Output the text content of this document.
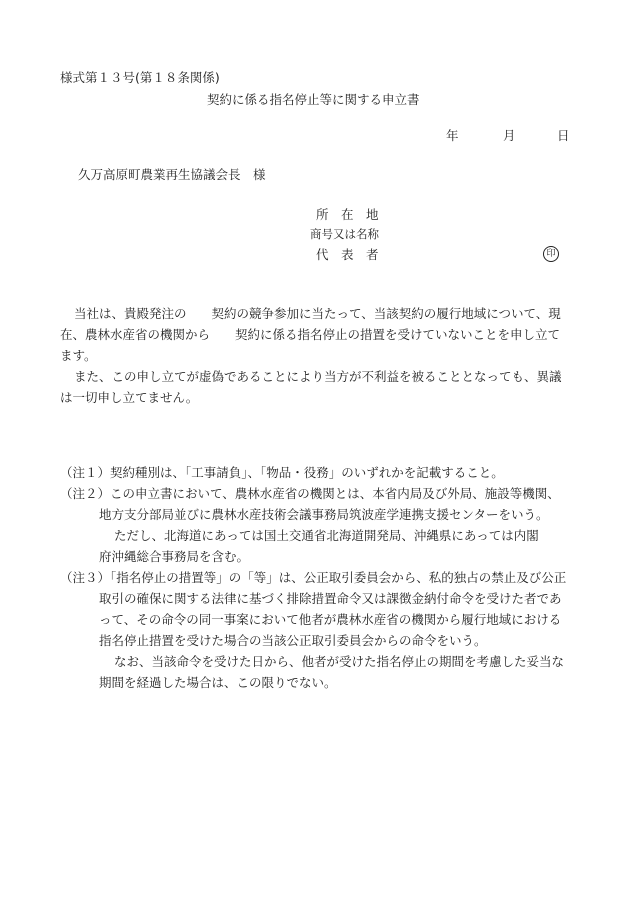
様式第１３号(第１８条関係)
契約に係る指名停止等に関する申立書
年	月	日
久万高原町農業再生協議会長　様
所　在　地
商号又は名称
代　表　者	印

当社は、貴殿発注の　　契約の競争参加に当たって、当該契約の履行地域について、現

在、農林水産省の機関から　　契約に係る指名停止の措置を受けていないことを申し立て

ます。

また、この申し立てが虚偽であることにより当方が不利益を被ることとなっても、異議

は一切申し立てません。

（注１）契約種別は、「工事請負」、「物品・役務」のいずれかを記載すること。
（注２）この申立書において、農林水産省の機関とは、本省内局及び外局、施設等機関、
地方支分部局並びに農林水産技術会議事務局筑波産学連携支援センターをいう。
ただし、北海道にあっては国土交通省北海道開発局、沖縄県にあっては内閣
府沖縄総合事務局を含む。
（注３）「指名停止の措置等」の「等」は、公正取引委員会から、私的独占の禁止及び公正
取引の確保に関する法律に基づく排除措置命令又は課徴金納付命令を受けた者であ
って、その命令の同一事案において他者が農林水産省の機関から履行地域における
指名停止措置を受けた場合の当該公正取引委員会からの命令をいう。
なお、当該命令を受けた日から、他者が受けた指名停止の期間を考慮した妥当な
期間を経過した場合は、この限りでない。
